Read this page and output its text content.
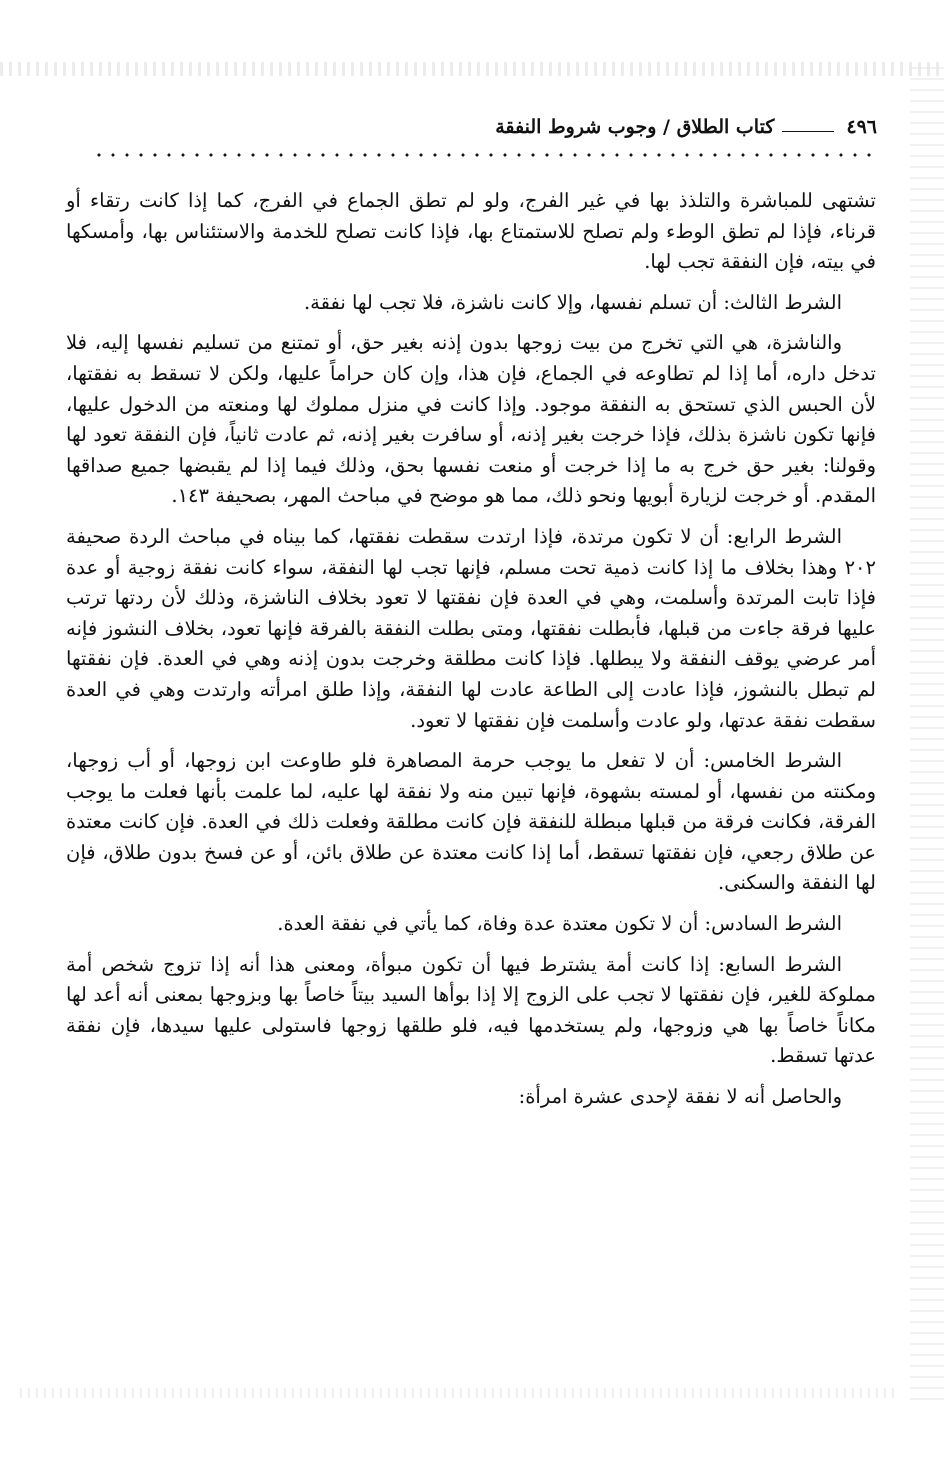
٤٩٦
كتاب الطلاق / وجوب شروط النفقة

تشتهى للمباشرة والتلذذ بها في غير الفرج، ولو لم تطق الجماع في الفرج، كما إذا كانت رتقاء أو قرناء، فإذا لم تطق الوطء ولم تصلح للاستمتاع بها، فإذا كانت تصلح للخدمة والاستئناس بها، وأمسكها في بيته، فإن النفقة تجب لها.

الشرط الثالث: أن تسلم نفسها، وإلا كانت ناشزة، فلا تجب لها نفقة.

والناشزة، هي التي تخرج من بيت زوجها بدون إذنه بغير حق، أو تمتنع من تسليم نفسها إليه، فلا تدخل داره، أما إذا لم تطاوعه في الجماع، فإن هذا، وإن كان حراماً عليها، ولكن لا تسقط به نفقتها، لأن الحبس الذي تستحق به النفقة موجود. وإذا كانت في منزل مملوك لها ومنعته من الدخول عليها، فإنها تكون ناشزة بذلك، فإذا خرجت بغير إذنه، أو سافرت بغير إذنه، ثم عادت ثانياً، فإن النفقة تعود لها وقولنا: بغير حق خرج به ما إذا خرجت أو منعت نفسها بحق، وذلك فيما إذا لم يقبضها جميع صداقها المقدم. أو خرجت لزيارة أبويها ونحو ذلك، مما هو موضح في مباحث المهر، بصحيفة ١٤٣.

الشرط الرابع: أن لا تكون مرتدة، فإذا ارتدت سقطت نفقتها، كما بيناه في مباحث الردة صحيفة ٢٠٢ وهذا بخلاف ما إذا كانت ذمية تحت مسلم، فإنها تجب لها النفقة، سواء كانت نفقة زوجية أو عدة فإذا تابت المرتدة وأسلمت، وهي في العدة فإن نفقتها لا تعود بخلاف الناشزة، وذلك لأن ردتها ترتب عليها فرقة جاءت من قبلها، فأبطلت نفقتها، ومتى بطلت النفقة بالفرقة فإنها تعود، بخلاف النشوز فإنه أمر عرضي يوقف النفقة ولا يبطلها. فإذا كانت مطلقة وخرجت بدون إذنه وهي في العدة. فإن نفقتها لم تبطل بالنشوز، فإذا عادت إلى الطاعة عادت لها النفقة، وإذا طلق امرأته وارتدت وهي في العدة سقطت نفقة عدتها، ولو عادت وأسلمت فإن نفقتها لا تعود.

الشرط الخامس: أن لا تفعل ما يوجب حرمة المصاهرة فلو طاوعت ابن زوجها، أو أب زوجها، ومكنته من نفسها، أو لمسته بشهوة، فإنها تبين منه ولا نفقة لها عليه، لما علمت بأنها فعلت ما يوجب الفرقة، فكانت فرقة من قبلها مبطلة للنفقة فإن كانت مطلقة وفعلت ذلك في العدة. فإن كانت معتدة عن طلاق رجعي، فإن نفقتها تسقط، أما إذا كانت معتدة عن طلاق بائن، أو عن فسخ بدون طلاق، فإن لها النفقة والسكنى.

الشرط السادس: أن لا تكون معتدة عدة وفاة، كما يأتي في نفقة العدة.

الشرط السابع: إذا كانت أمة يشترط فيها أن تكون مبوأة، ومعنى هذا أنه إذا تزوج شخص أمة مملوكة للغير، فإن نفقتها لا تجب على الزوج إلا إذا بوأها السيد بيتاً خاصاً بها وبزوجها بمعنى أنه أعد لها مكاناً خاصاً بها هي وزوجها، ولم يستخدمها فيه، فلو طلقها زوجها فاستولى عليها سيدها، فإن نفقة عدتها تسقط.

والحاصل أنه لا نفقة لإحدى عشرة امرأة:
